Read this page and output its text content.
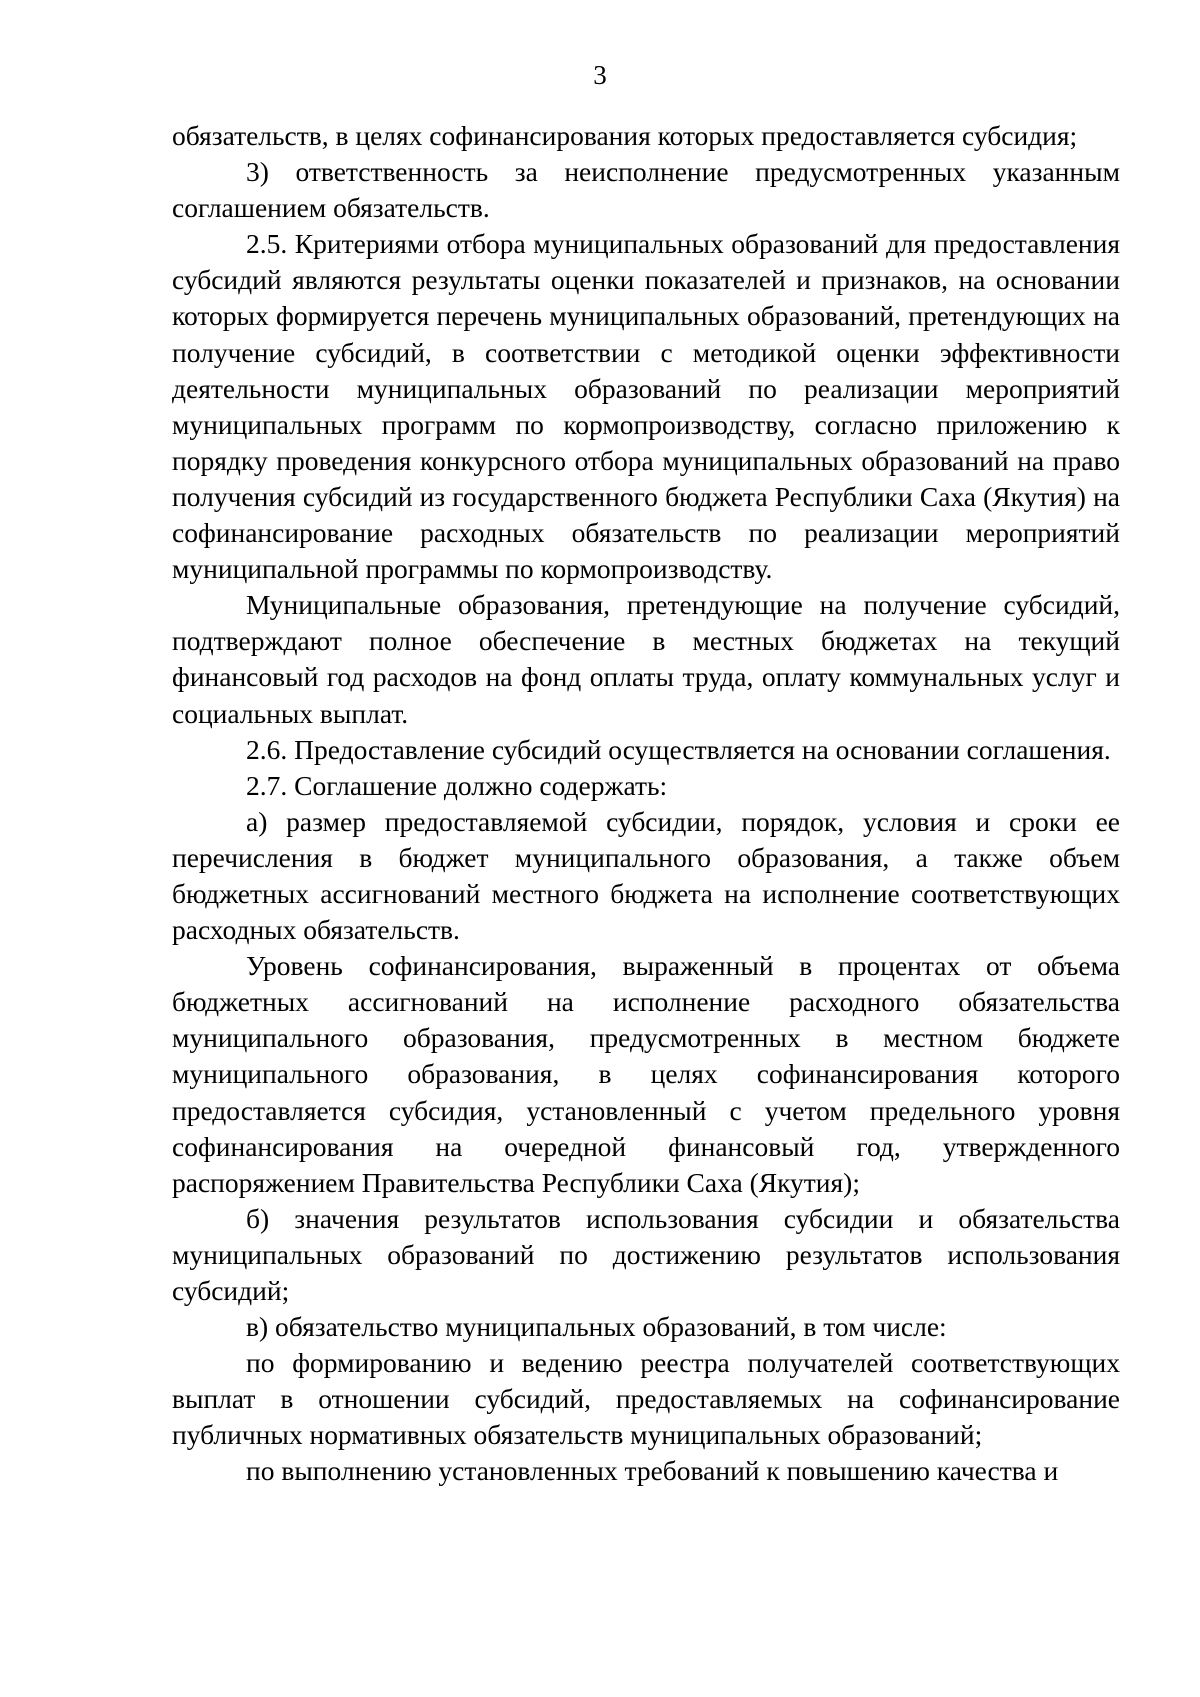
3

обязательств, в целях софинансирования которых предоставляется субсидия;

3) ответственность за неисполнение предусмотренных указанным соглашением обязательств.

2.5. Критериями отбора муниципальных образований для предоставления субсидий являются результаты оценки показателей и признаков, на основании которых формируется перечень муниципальных образований, претендующих на получение субсидий, в соответствии с методикой оценки эффективности деятельности муниципальных образований по реализации мероприятий муниципальных программ по кормопроизводству, согласно приложению к порядку проведения конкурсного отбора муниципальных образований на право получения субсидий из государственного бюджета Республики Саха (Якутия) на софинансирование расходных обязательств по реализации мероприятий муниципальной программы по кормопроизводству.

Муниципальные образования, претендующие на получение субсидий, подтверждают полное обеспечение в местных бюджетах на текущий финансовый год расходов на фонд оплаты труда, оплату коммунальных услуг и социальных выплат.

2.6. Предоставление субсидий осуществляется на основании соглашения.

2.7. Соглашение должно содержать:

а) размер предоставляемой субсидии, порядок, условия и сроки ее перечисления в бюджет муниципального образования, а также объем бюджетных ассигнований местного бюджета на исполнение соответствующих расходных обязательств.

Уровень софинансирования, выраженный в процентах от объема бюджетных ассигнований на исполнение расходного обязательства муниципального образования, предусмотренных в местном бюджете муниципального образования, в целях софинансирования которого предоставляется субсидия, установленный с учетом предельного уровня софинансирования на очередной финансовый год, утвержденного распоряжением Правительства Республики Саха (Якутия);

б) значения результатов использования субсидии и обязательства муниципальных образований по достижению результатов использования субсидий;

в) обязательство муниципальных образований, в том числе:

по формированию и ведению реестра получателей соответствующих выплат в отношении субсидий, предоставляемых на софинансирование публичных нормативных обязательств муниципальных образований;

по выполнению установленных требований к повышению качества и
